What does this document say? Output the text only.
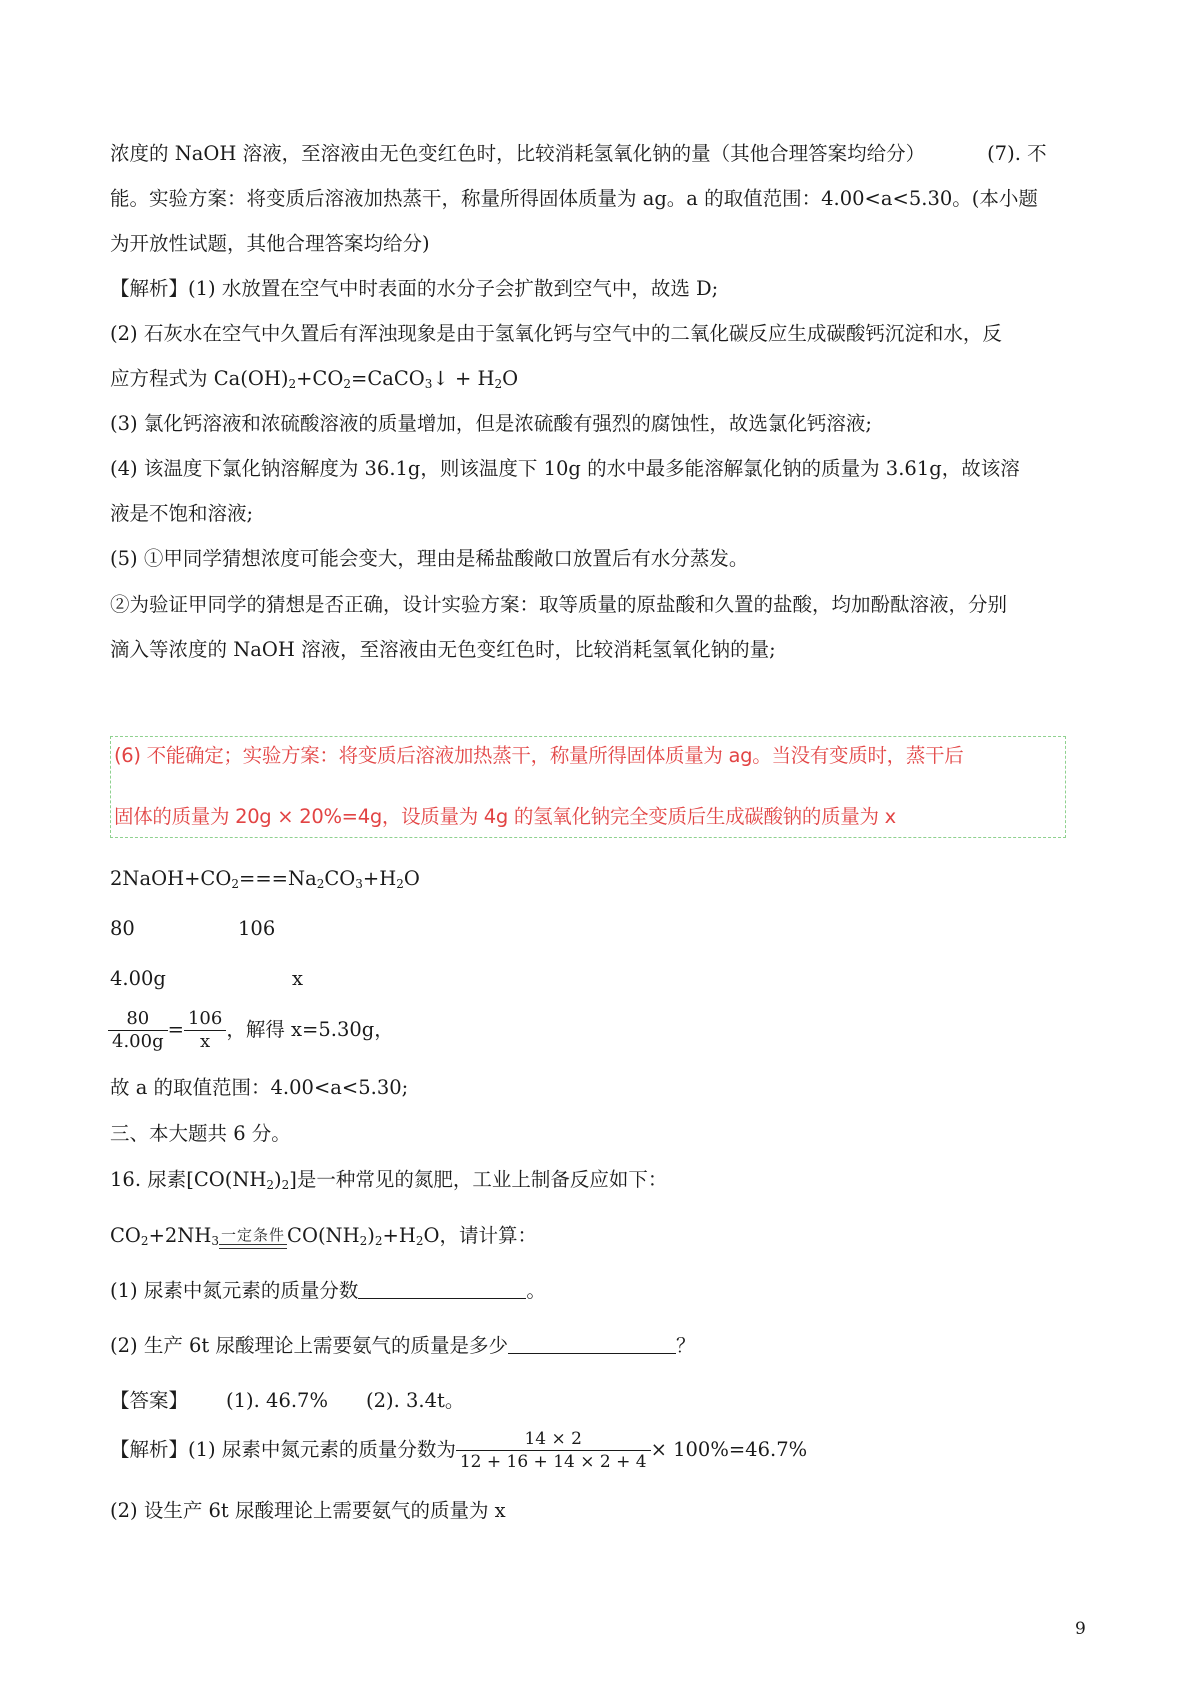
浓度的 NaOH 溶液，至溶液由无色变红色时，比较消耗氢氧化钠的量（其他合理答案均给分）	(7). 不
能。实验方案：将变质后溶液加热蒸干，称量所得固体质量为 ag。a 的取值范围：4.00<a<5.30。(本小题
为开放性试题，其他合理答案均给分)
【解析】(1) 水放置在空气中时表面的水分子会扩散到空气中，故选 D;
(2) 石灰水在空气中久置后有浑浊现象是由于氢氧化钙与空气中的二氧化碳反应生成碳酸钙沉淀和水，反
应方程式为 $Ca(OH)_2+CO_2=CaCO_3↓ + H_2O$
(3) 氯化钙溶液和浓硫酸溶液的质量增加，但是浓硫酸有强烈的腐蚀性，故选氯化钙溶液;
(4) 该温度下氯化钠溶解度为 36.1g，则该温度下 10g 的水中最多能溶解氯化钠的质量为 3.61g，故该溶
液是不饱和溶液;
(5) ①甲同学猜想浓度可能会变大，理由是稀盐酸敞口放置后有水分蒸发。
②为验证甲同学的猜想是否正确，设计实验方案：取等质量的原盐酸和久置的盐酸，均加酚酞溶液，分别
滴入等浓度的 NaOH 溶液，至溶液由无色变红色时，比较消耗氢氧化钠的量;
(6) 不能确定；实验方案：将变质后溶液加热蒸干，称量所得固体质量为 ag。当没有变质时，蒸干后
固体的质量为 20g × 20%=4g，设质量为 4g 的氢氧化钠完全变质后生成碳酸钠的质量为 x
$2NaOH+CO_2===Na_2CO_3+H_2O$
80	106
4.00g	x
$\frac{80}{4.00g} = \frac{106}{x}$ ，解得 x=5.30g，
故 a 的取值范围：4.00<a<5.30;
三、本大题共 6 分。
16. 尿素$[CO(NH_2)_2]$是一种常见的氮肥，工业上制备反应如下：
$CO_2+2NH_3$ 一定条件 $CO(NH_2)_2+H_2O$，请计算：
(1) 尿素中氮元素的质量分数	。
(2) 生产 6t 尿酸理论上需要氨气的质量是多少	？
【答案】 (1). 46.7% (2). 3.4t。
【解析】(1) 尿素中氮元素的质量分数为 $\frac{14 \times 2}{12 + 16 + 14 \times 2 + 4} \times 100\%=46.7\%$
(2) 设生产 6t 尿酸理论上需要氨气的质量为 x
9
